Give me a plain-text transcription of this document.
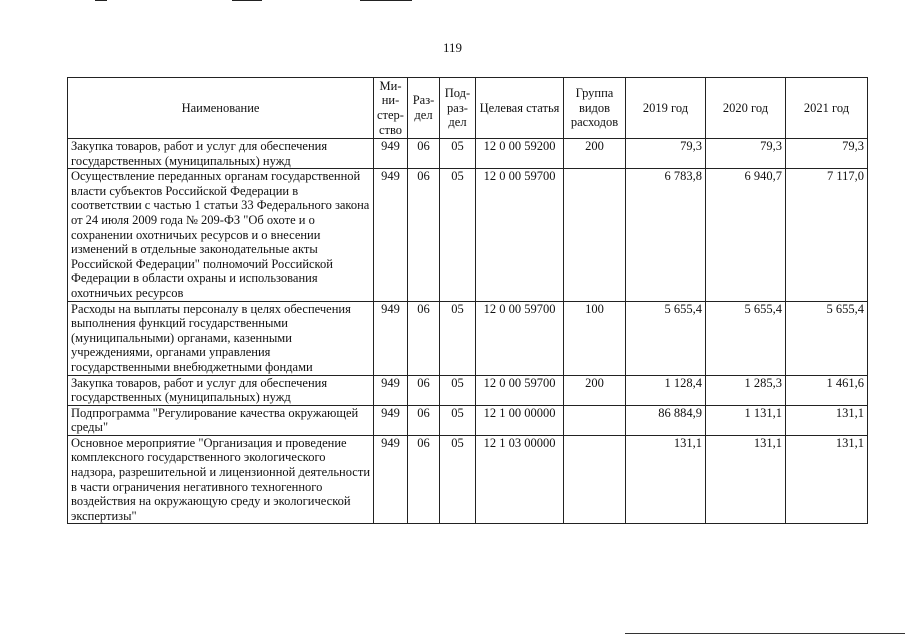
119
Наименование	Ми-ни-стер-ство	Раз-дел	Под-раз-дел	Целевая статья	Группа видов расходов	2019 год	2020 год	2021 год
Закупка товаров, работ и услуг для обеспечения государственных (муниципальных) нужд	949	06	05	12 0 00 59200	200	79,3	79,3	79,3
Осуществление переданных органам государственной власти субъектов Российской Федерации в соответствии с частью 1 статьи 33 Федерального закона от 24 июля 2009 года № 209-ФЗ "Об охоте и о сохранении охотничьих ресурсов и о внесении изменений в отдельные законодательные акты Российской Федерации" полномочий Российской Федерации в области охраны и использования охотничьих ресурсов	949	06	05	12 0 00 59700		6 783,8	6 940,7	7 117,0
Расходы на выплаты персоналу в целях обеспечения выполнения функций государственными (муниципальными) органами, казенными учреждениями, органами управления государственными внебюджетными фондами	949	06	05	12 0 00 59700	100	5 655,4	5 655,4	5 655,4
Закупка товаров, работ и услуг для обеспечения государственных (муниципальных) нужд	949	06	05	12 0 00 59700	200	1 128,4	1 285,3	1 461,6
Подпрограмма "Регулирование качества окружающей среды"	949	06	05	12 1 00 00000		86 884,9	1 131,1	131,1
Основное мероприятие "Организация и проведение комплексного государственного экологического надзора, разрешительной и лицензионной деятельности в части ограничения негативного техногенного воздействия на окружающую среду и экологической экспертизы"	949	06	05	12 1 03 00000		131,1	131,1	131,1
